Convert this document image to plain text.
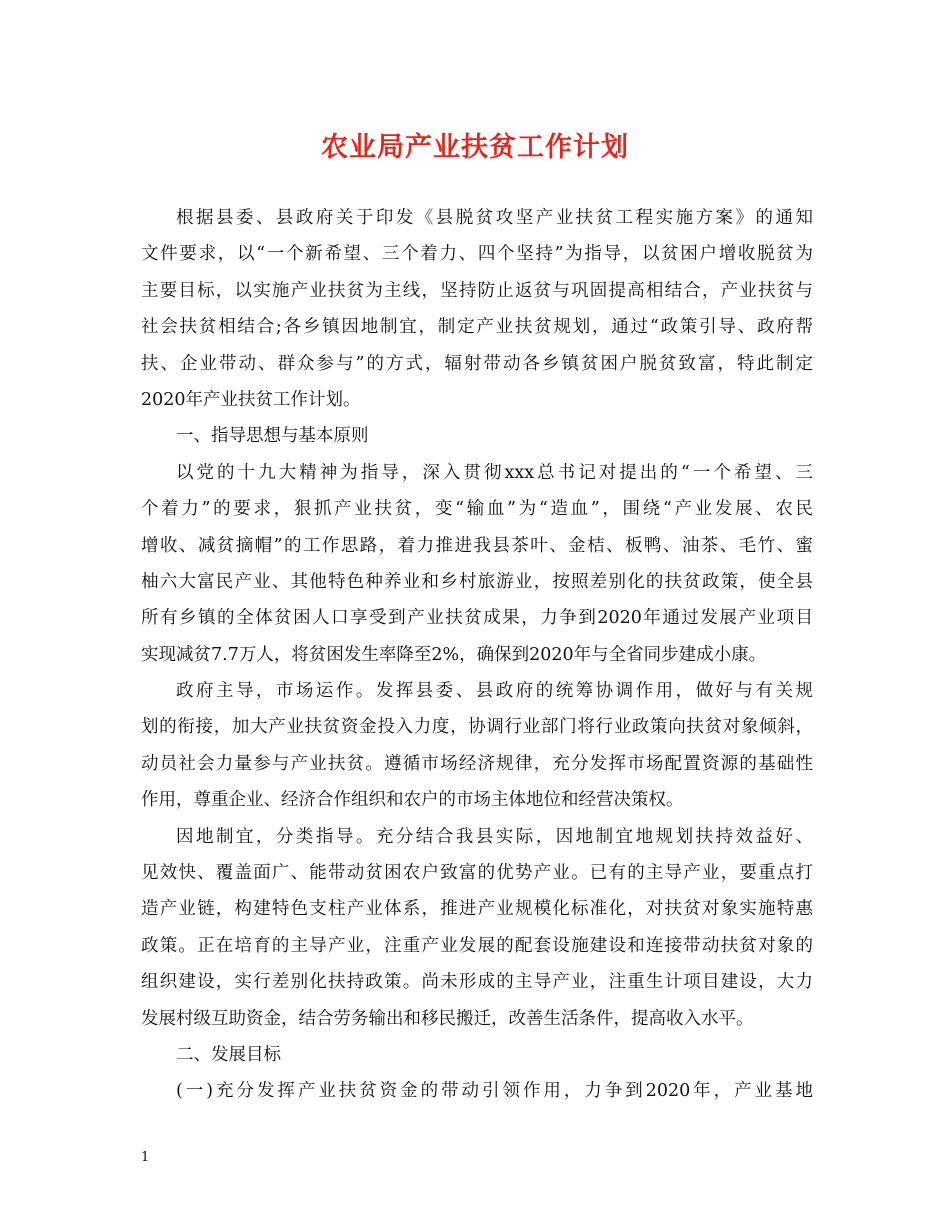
农业局产业扶贫工作计划
根据县委、县政府关于印发《县脱贫攻坚产业扶贫工程实施方案》的通知
文件要求，以“一个新希望、三个着力、四个坚持”为指导，以贫困户增收脱贫为
主要目标，以实施产业扶贫为主线，坚持防止返贫与巩固提高相结合，产业扶贫与
社会扶贫相结合;各乡镇因地制宜，制定产业扶贫规划，通过“政策引导、政府帮
扶、企业带动、群众参与”的方式，辐射带动各乡镇贫困户脱贫致富，特此制定
2020年产业扶贫工作计划。
一、指导思想与基本原则
以党的十九大精神为指导，深入贯彻xxx总书记对提出的“一个希望、三
个着力”的要求，狠抓产业扶贫，变“输血”为“造血”，围绕“产业发展、农民
增收、减贫摘帽”的工作思路，着力推进我县茶叶、金桔、板鸭、油茶、毛竹、蜜
柚六大富民产业、其他特色种养业和乡村旅游业，按照差别化的扶贫政策，使全县
所有乡镇的全体贫困人口享受到产业扶贫成果，力争到2020年通过发展产业项目
实现减贫7.7万人，将贫困发生率降至2%，确保到2020年与全省同步建成小康。
政府主导，市场运作。发挥县委、县政府的统筹协调作用，做好与有关规
划的衔接，加大产业扶贫资金投入力度，协调行业部门将行业政策向扶贫对象倾斜，
动员社会力量参与产业扶贫。遵循市场经济规律，充分发挥市场配置资源的基础性
作用，尊重企业、经济合作组织和农户的市场主体地位和经营决策权。
因地制宜，分类指导。充分结合我县实际，因地制宜地规划扶持效益好、
见效快、覆盖面广、能带动贫困农户致富的优势产业。已有的主导产业，要重点打
造产业链，构建特色支柱产业体系，推进产业规模化标准化，对扶贫对象实施特惠
政策。正在培育的主导产业，注重产业发展的配套设施建设和连接带动扶贫对象的
组织建设，实行差别化扶持政策。尚未形成的主导产业，注重生计项目建设，大力
发展村级互助资金，结合劳务输出和移民搬迁，改善生活条件，提高收入水平。
二、发展目标
(一)充分发挥产业扶贫资金的带动引领作用，力争到2020年，产业基地
1
